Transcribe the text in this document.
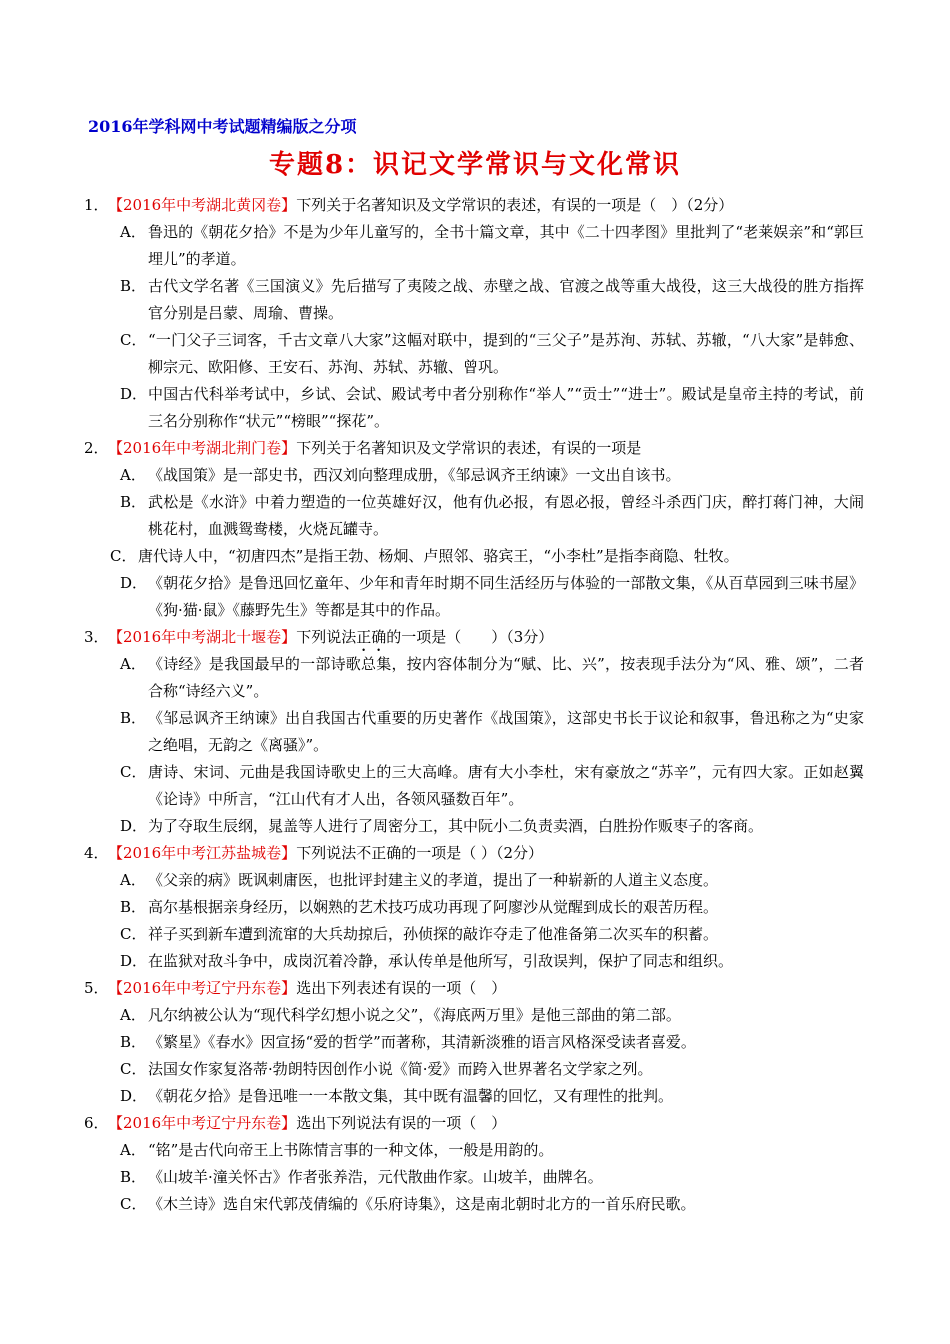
2016年学科网中考试题精编版之分项
专题8：识记文学常识与文化常识
1． 【2016年中考湖北黄冈卷】下列关于名著知识及文学常识的表述，有误的一项是（　）（2分）
A． 鲁迅的《朝花夕拾》不是为少年儿童写的，全书十篇文章，其中《二十四孝图》里批判了“老莱娱亲”和“郭巨埋儿”的孝道。
B． 古代文学名著《三国演义》先后描写了夷陵之战、赤壁之战、官渡之战等重大战役，这三大战役的胜方指挥官分别是吕蒙、周瑜、曹操。
C． “一门父子三词客，千古文章八大家”这幅对联中，提到的“三父子”是苏洵、苏轼、苏辙，“八大家”是韩愈、柳宗元、欧阳修、王安石、苏洵、苏轼、苏辙、曾巩。
D． 中国古代科举考试中，乡试、会试、殿试考中者分别称作“举人”“贡士”“进士”。殿试是皇帝主持的考试，前三名分别称作“状元”“榜眼”“探花”。
2． 【2016年中考湖北荆门卷】下列关于名著知识及文学常识的表述，有误的一项是
A． 《战国策》是一部史书，西汉刘向整理成册，《邹忌讽齐王纳谏》一文出自该书。
B． 武松是《水浒》中着力塑造的一位英雄好汉，他有仇必报，有恩必报，曾经斗杀西门庆，醉打蒋门神，大闹桃花村，血溅鸳鸯楼，火烧瓦罐寺。
C． 唐代诗人中，“初唐四杰”是指王勃、杨炯、卢照邻、骆宾王，“小李杜”是指李商隐、牡牧。
D． 《朝花夕拾》是鲁迅回忆童年、少年和青年时期不同生活经历与体验的一部散文集，《从百草园到三味书屋》《狗·猫·鼠》《藤野先生》等都是其中的作品。
3． 【2016年中考湖北十堰卷】下列说法正确的一项是（　　）（3分）
A． 《诗经》是我国最早的一部诗歌总集，按内容体制分为“赋、比、兴”，按表现手法分为“风、雅、颂”，二者合称“诗经六义”。
B． 《邹忌讽齐王纳谏》出自我国古代重要的历史著作《战国策》，这部史书长于议论和叙事，鲁迅称之为“史家之绝唱，无韵之《离骚》”。
C． 唐诗、宋词、元曲是我国诗歌史上的三大高峰。唐有大小李杜，宋有豪放之“苏辛”，元有四大家。正如赵翼《论诗》中所言，“江山代有才人出，各领风骚数百年”。
D． 为了夺取生辰纲，晁盖等人进行了周密分工，其中阮小二负责卖酒，白胜扮作贩枣子的客商。
4． 【2016年中考江苏盐城卷】下列说法不正确的一项是（ ）（2分）
A． 《父亲的病》既讽刺庸医，也批评封建主义的孝道，提出了一种崭新的人道主义态度。
B． 高尔基根据亲身经历，以娴熟的艺术技巧成功再现了阿廖沙从觉醒到成长的艰苦历程。
C． 祥子买到新车遭到流窜的大兵劫掠后，孙侦探的敲诈夺走了他准备第二次买车的积蓄。
D． 在监狱对敌斗争中，成岗沉着冷静，承认传单是他所写，引敌误判，保护了同志和组织。
5． 【2016年中考辽宁丹东卷】选出下列表述有误的一项（　）
A． 凡尔纳被公认为“现代科学幻想小说之父”，《海底两万里》是他三部曲的第二部。
B． 《繁星》《春水》因宣扬“爱的哲学”而著称，其清新淡雅的语言风格深受读者喜爱。
C． 法国女作家复洛蒂·勃朗特因创作小说《简·爱》而跨入世界著名文学家之列。
D． 《朝花夕拾》是鲁迅唯一一本散文集，其中既有温馨的回忆，又有理性的批判。
6． 【2016年中考辽宁丹东卷】选出下列说法有误的一项（　）
A． “铭”是古代向帝王上书陈情言事的一种文体，一般是用韵的。
B． 《山坡羊·潼关怀古》作者张养浩，元代散曲作家。山坡羊，曲牌名。
C． 《木兰诗》选自宋代郭茂倩编的《乐府诗集》，这是南北朝时北方的一首乐府民歌。
